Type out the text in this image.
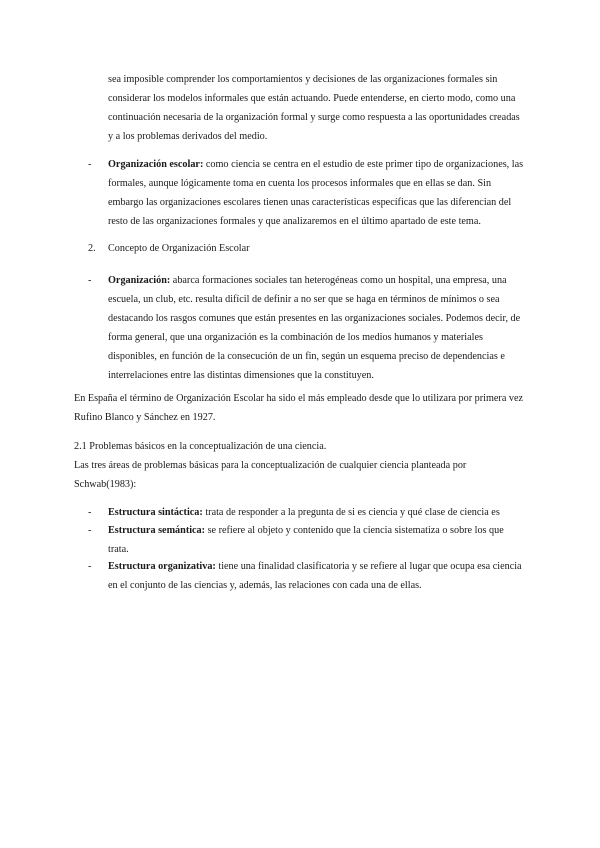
sea imposible comprender los comportamientos y decisiones de las organizaciones formales sin considerar los modelos informales que están actuando. Puede entenderse, en cierto modo, como una continuación necesaria de la organización formal y surge como respuesta a las oportunidades creadas y a los problemas derivados del medio.

-	Organización escolar: como ciencia se centra en el estudio de este primer tipo de organizaciones, las formales, aunque lógicamente toma en cuenta los procesos informales que en ellas se dan. Sin embargo las organizaciones escolares tienen unas características específicas que las diferencian del resto de las organizaciones formales y que analizaremos en el último apartado de este tema.
2. Concepto de Organización Escolar
-	Organización: abarca formaciones sociales tan heterogéneas como un hospital, una empresa, una escuela, un club, etc. resulta difícil de definir a no ser que se haga en términos de mínimos o sea destacando los rasgos comunes que están presentes en las organizaciones sociales. Podemos decir, de forma general, que una organización es la combinación de los medios humanos y materiales disponibles, en función de la consecución de un fin, según un esquema preciso de dependencias e interrelaciones entre las distintas dimensiones que la constituyen.

En España el término de Organización Escolar ha sido el más empleado desde que lo utilizara por primera vez Rufino Blanco y Sánchez en 1927.

2.1 Problemas básicos en la conceptualización de una ciencia.

Las tres áreas de problemas básicas para la conceptualización de cualquier ciencia planteada por Schwab(1983):

-	Estructura sintáctica: trata de responder a la pregunta de si es ciencia y qué clase de ciencia es
-	Estructura semántica: se refiere al objeto y contenido que la ciencia sistematiza o sobre los que trata.
-	Estructura organizativa: tiene una finalidad clasificatoria y se refiere al lugar que ocupa esa ciencia en el conjunto de las ciencias y, además, las relaciones con cada una de ellas.
